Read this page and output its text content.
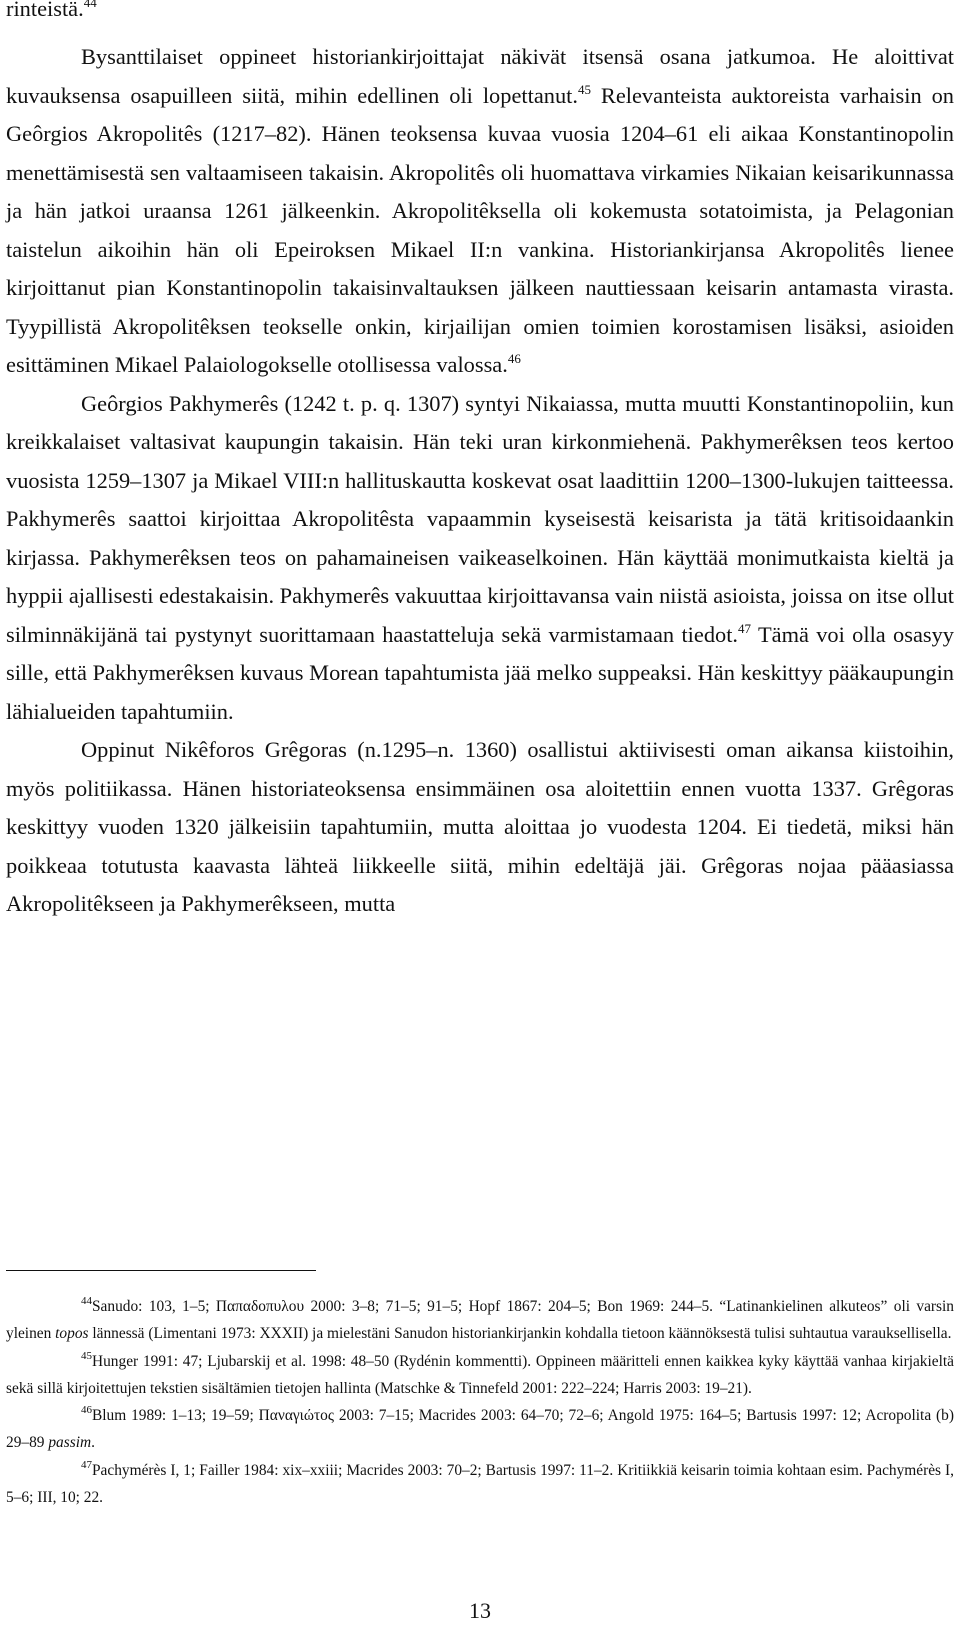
rinteistä.$^{44}$

Bysanttilaiset oppineet historiankirjoittajat näkivät itsensä osana jatkumoa. He aloittivat kuvauksensa osapuilleen siitä, mihin edellinen oli lopettanut.$^{45}$ Relevanteista auktoreista varhaisin on Geôrgios Akropolitês (1217–82). Hänen teoksensa kuvaa vuosia 1204–61 eli aikaa Konstantinopolin menettämisestä sen valtaamiseen takaisin. Akropolitês oli huomattava virkamies Nikaian keisarikunnassa ja hän jatkoi uraansa 1261 jälkeenkin. Akropolitêksella oli kokemusta sotatoimista, ja Pelagonian taistelun aikoihin hän oli Epeiroksen Mikael II:n vankina. Historiankirjansa Akropolitês lienee kirjoittanut pian Konstantinopolin takaisinvaltauksen jälkeen nauttiessaan keisarin antamasta virasta. Tyypillistä Akropolitêksen teokselle onkin, kirjailijan omien toimien korostamisen lisäksi, asioiden esittäminen Mikael Palaiologokselle otollisessa valossa.$^{46}$

Geôrgios Pakhymerês (1242 t. p. q. 1307) syntyi Nikaiassa, mutta muutti Konstantinopoliin, kun kreikkalaiset valtasivat kaupungin takaisin. Hän teki uran kirkonmiehenä. Pakhymerêksen teos kertoo vuosista 1259–1307 ja Mikael VIII:n hallituskautta koskevat osat laadittiin 1200–1300-lukujen taitteessa. Pakhymerês saattoi kirjoittaa Akropolitêsta vapaammin kyseisestä keisarista ja tätä kritisoidaankin kirjassa. Pakhymerêksen teos on pahamaineisen vaikeaselkoinen. Hän käyttää monimutkaista kieltä ja hyppii ajallisesti edestakaisin. Pakhymerês vakuuttaa kirjoittavansa vain niistä asioista, joissa on itse ollut silminnäkijänä tai pystynyt suorittamaan haastatteluja sekä varmistamaan tiedot.$^{47}$ Tämä voi olla osasyy sille, että Pakhymerêksen kuvaus Morean tapahtumista jää melko suppeaksi. Hän keskittyy pääkaupungin lähialueiden tapahtumiin.

Oppinut Nikêforos Grêgoras (n.1295–n. 1360) osallistui aktiivisesti oman aikansa kiistoihin, myös politiikassa. Hänen historiateoksensa ensimmäinen osa aloitettiin ennen vuotta 1337. Grêgoras keskittyy vuoden 1320 jälkeisiin tapahtumiin, mutta aloittaa jo vuodesta 1204. Ei tiedetä, miksi hän poikkeaa totutusta kaavasta lähteä liikkeelle siitä, mihin edeltäjä jäi. Grêgoras nojaa pääasiassa Akropolitêkseen ja Pakhymerêkseen, mutta

$^{44}$Sanudo: 103, 1–5; Παπαδοπυλου 2000: 3–8; 71–5; 91–5; Hopf 1867: 204–5; Bon 1969: 244–5. “Latinankielinen alkuteos” oli varsin yleinen topos lännessä (Limentani 1973: XXXII) ja mielestäni Sanudon historiankirjankin kohdalla tietoon käännöksestä tulisi suhtautua varauksellisella.

$^{45}$Hunger 1991: 47; Ljubarskij et al. 1998: 48–50 (Rydénin kommentti). Oppineen määritteli ennen kaikkea kyky käyttää vanhaa kirjakieltä sekä sillä kirjoitettujen tekstien sisältämien tietojen hallinta (Matschke & Tinnefeld 2001: 222–224; Harris 2003: 19–21).

$^{46}$Blum 1989: 1–13; 19–59; Παναγιώτος 2003: 7–15; Macrides 2003: 64–70; 72–6; Angold 1975: 164–5; Bartusis 1997: 12; Acropolita (b) 29–89 passim.

$^{47}$Pachymérès I, 1; Failler 1984: xix–xxiii; Macrides 2003: 70–2; Bartusis 1997: 11–2. Kritiikkiä keisarin toimia kohtaan esim. Pachymérès I, 5–6; III, 10; 22.

13
